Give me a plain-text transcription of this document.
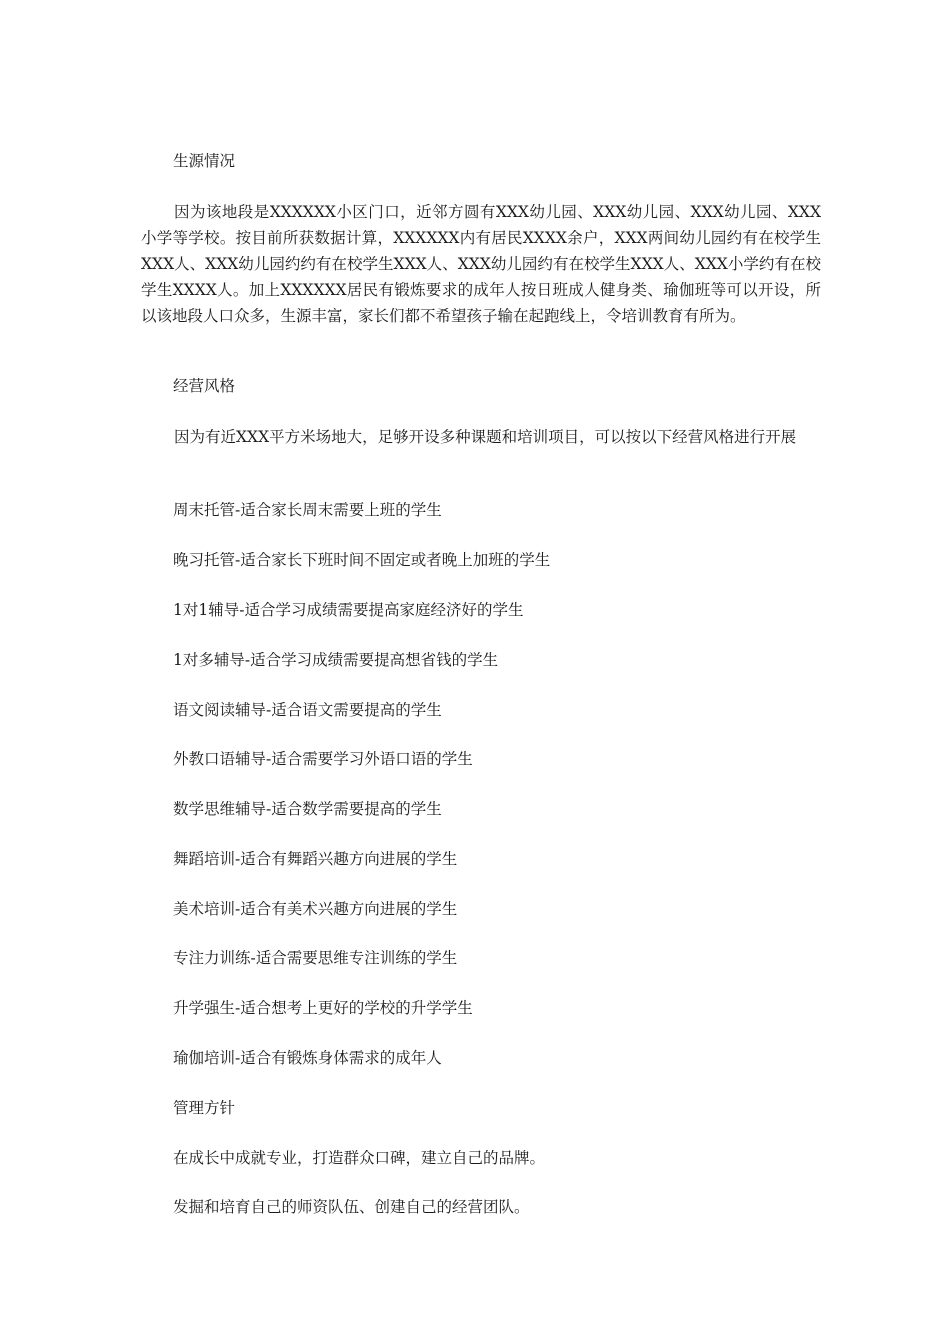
生源情况
因为该地段是XXXXXX小区门口，近邻方圆有XXX幼儿园、XXX幼儿园、XXX幼儿园、XXX小学等学校。按目前所获数据计算，XXXXXX内有居民XXXX余户，XXX两间幼儿园约有在校学生XXX人、XXX幼儿园约约有在校学生XXX人、XXX幼儿园约有在校学生XXX人、XXX小学约有在校学生XXXX人。加上XXXXXX居民有锻炼要求的成年人按日班成人健身类、瑜伽班等可以开设，所以该地段人口众多，生源丰富，家长们都不希望孩子输在起跑线上，令培训教育有所为。
经营风格
因为有近XXX平方米场地大，足够开设多种课题和培训项目，可以按以下经营风格进行开展
周末托管-适合家长周末需要上班的学生
晚习托管-适合家长下班时间不固定或者晚上加班的学生
1对1辅导-适合学习成绩需要提高家庭经济好的学生
1对多辅导-适合学习成绩需要提高想省钱的学生
语文阅读辅导-适合语文需要提高的学生
外教口语辅导-适合需要学习外语口语的学生
数学思维辅导-适合数学需要提高的学生
舞蹈培训-适合有舞蹈兴趣方向进展的学生
美术培训-适合有美术兴趣方向进展的学生
专注力训练-适合需要思维专注训练的学生
升学强生-适合想考上更好的学校的升学学生
瑜伽培训-适合有锻炼身体需求的成年人
管理方针
在成长中成就专业，打造群众口碑，建立自己的品牌。
发掘和培育自己的师资队伍、创建自己的经营团队。
